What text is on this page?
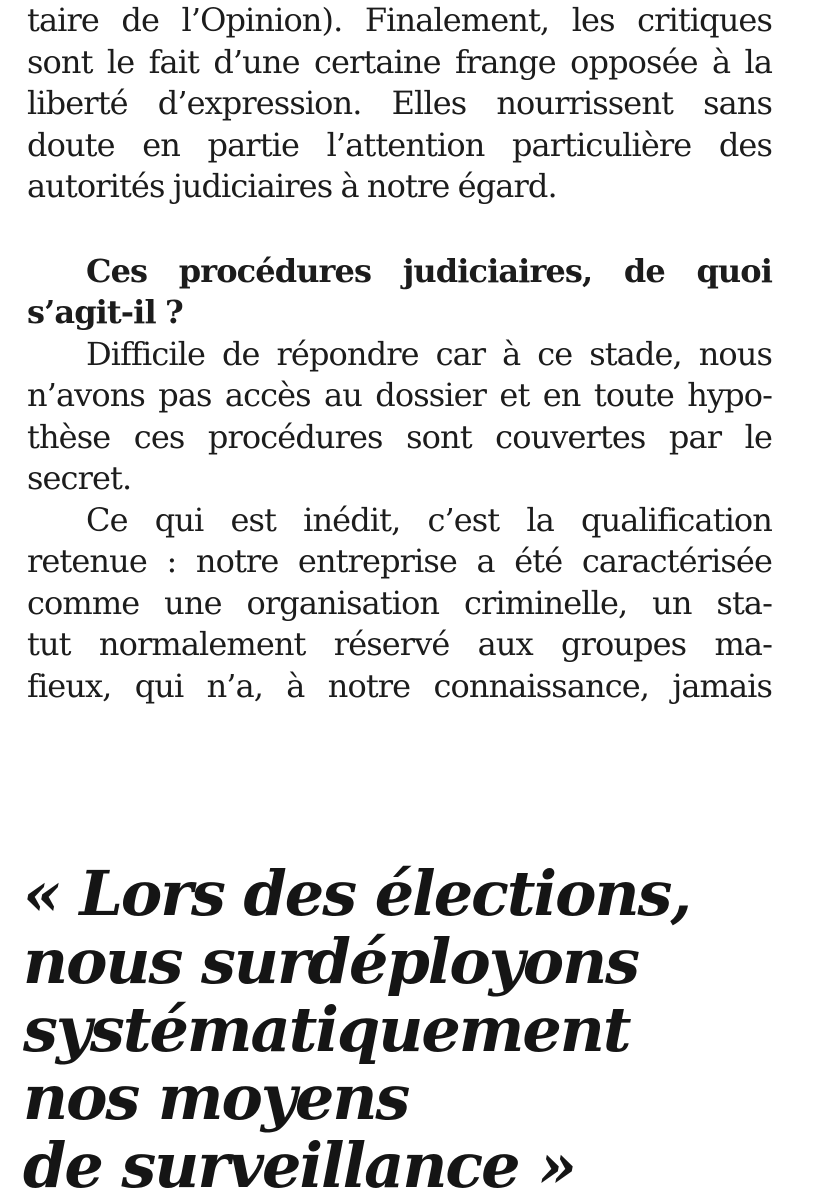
taire de l’Opinion). Finalement, les critiques
sont le fait d’une certaine frange opposée à la
liberté d’expression. Elles nourrissent sans
doute en partie l’attention particulière des
autorités judiciaires à notre égard.
Ces procédures judiciaires, de quoi
s’agit-il ?
Difficile de répondre car à ce stade, nous
n’avons pas accès au dossier et en toute hypo-
thèse ces procédures sont couvertes par le
secret.
Ce qui est inédit, c’est la qualification
retenue : notre entreprise a été caractérisée
comme une organisation criminelle, un sta-
tut normalement réservé aux groupes ma-
fieux, qui n’a, à notre connaissance, jamais
« Lors des élections,
nous surdéployons
systématiquement
nos moyens
de surveillance »
